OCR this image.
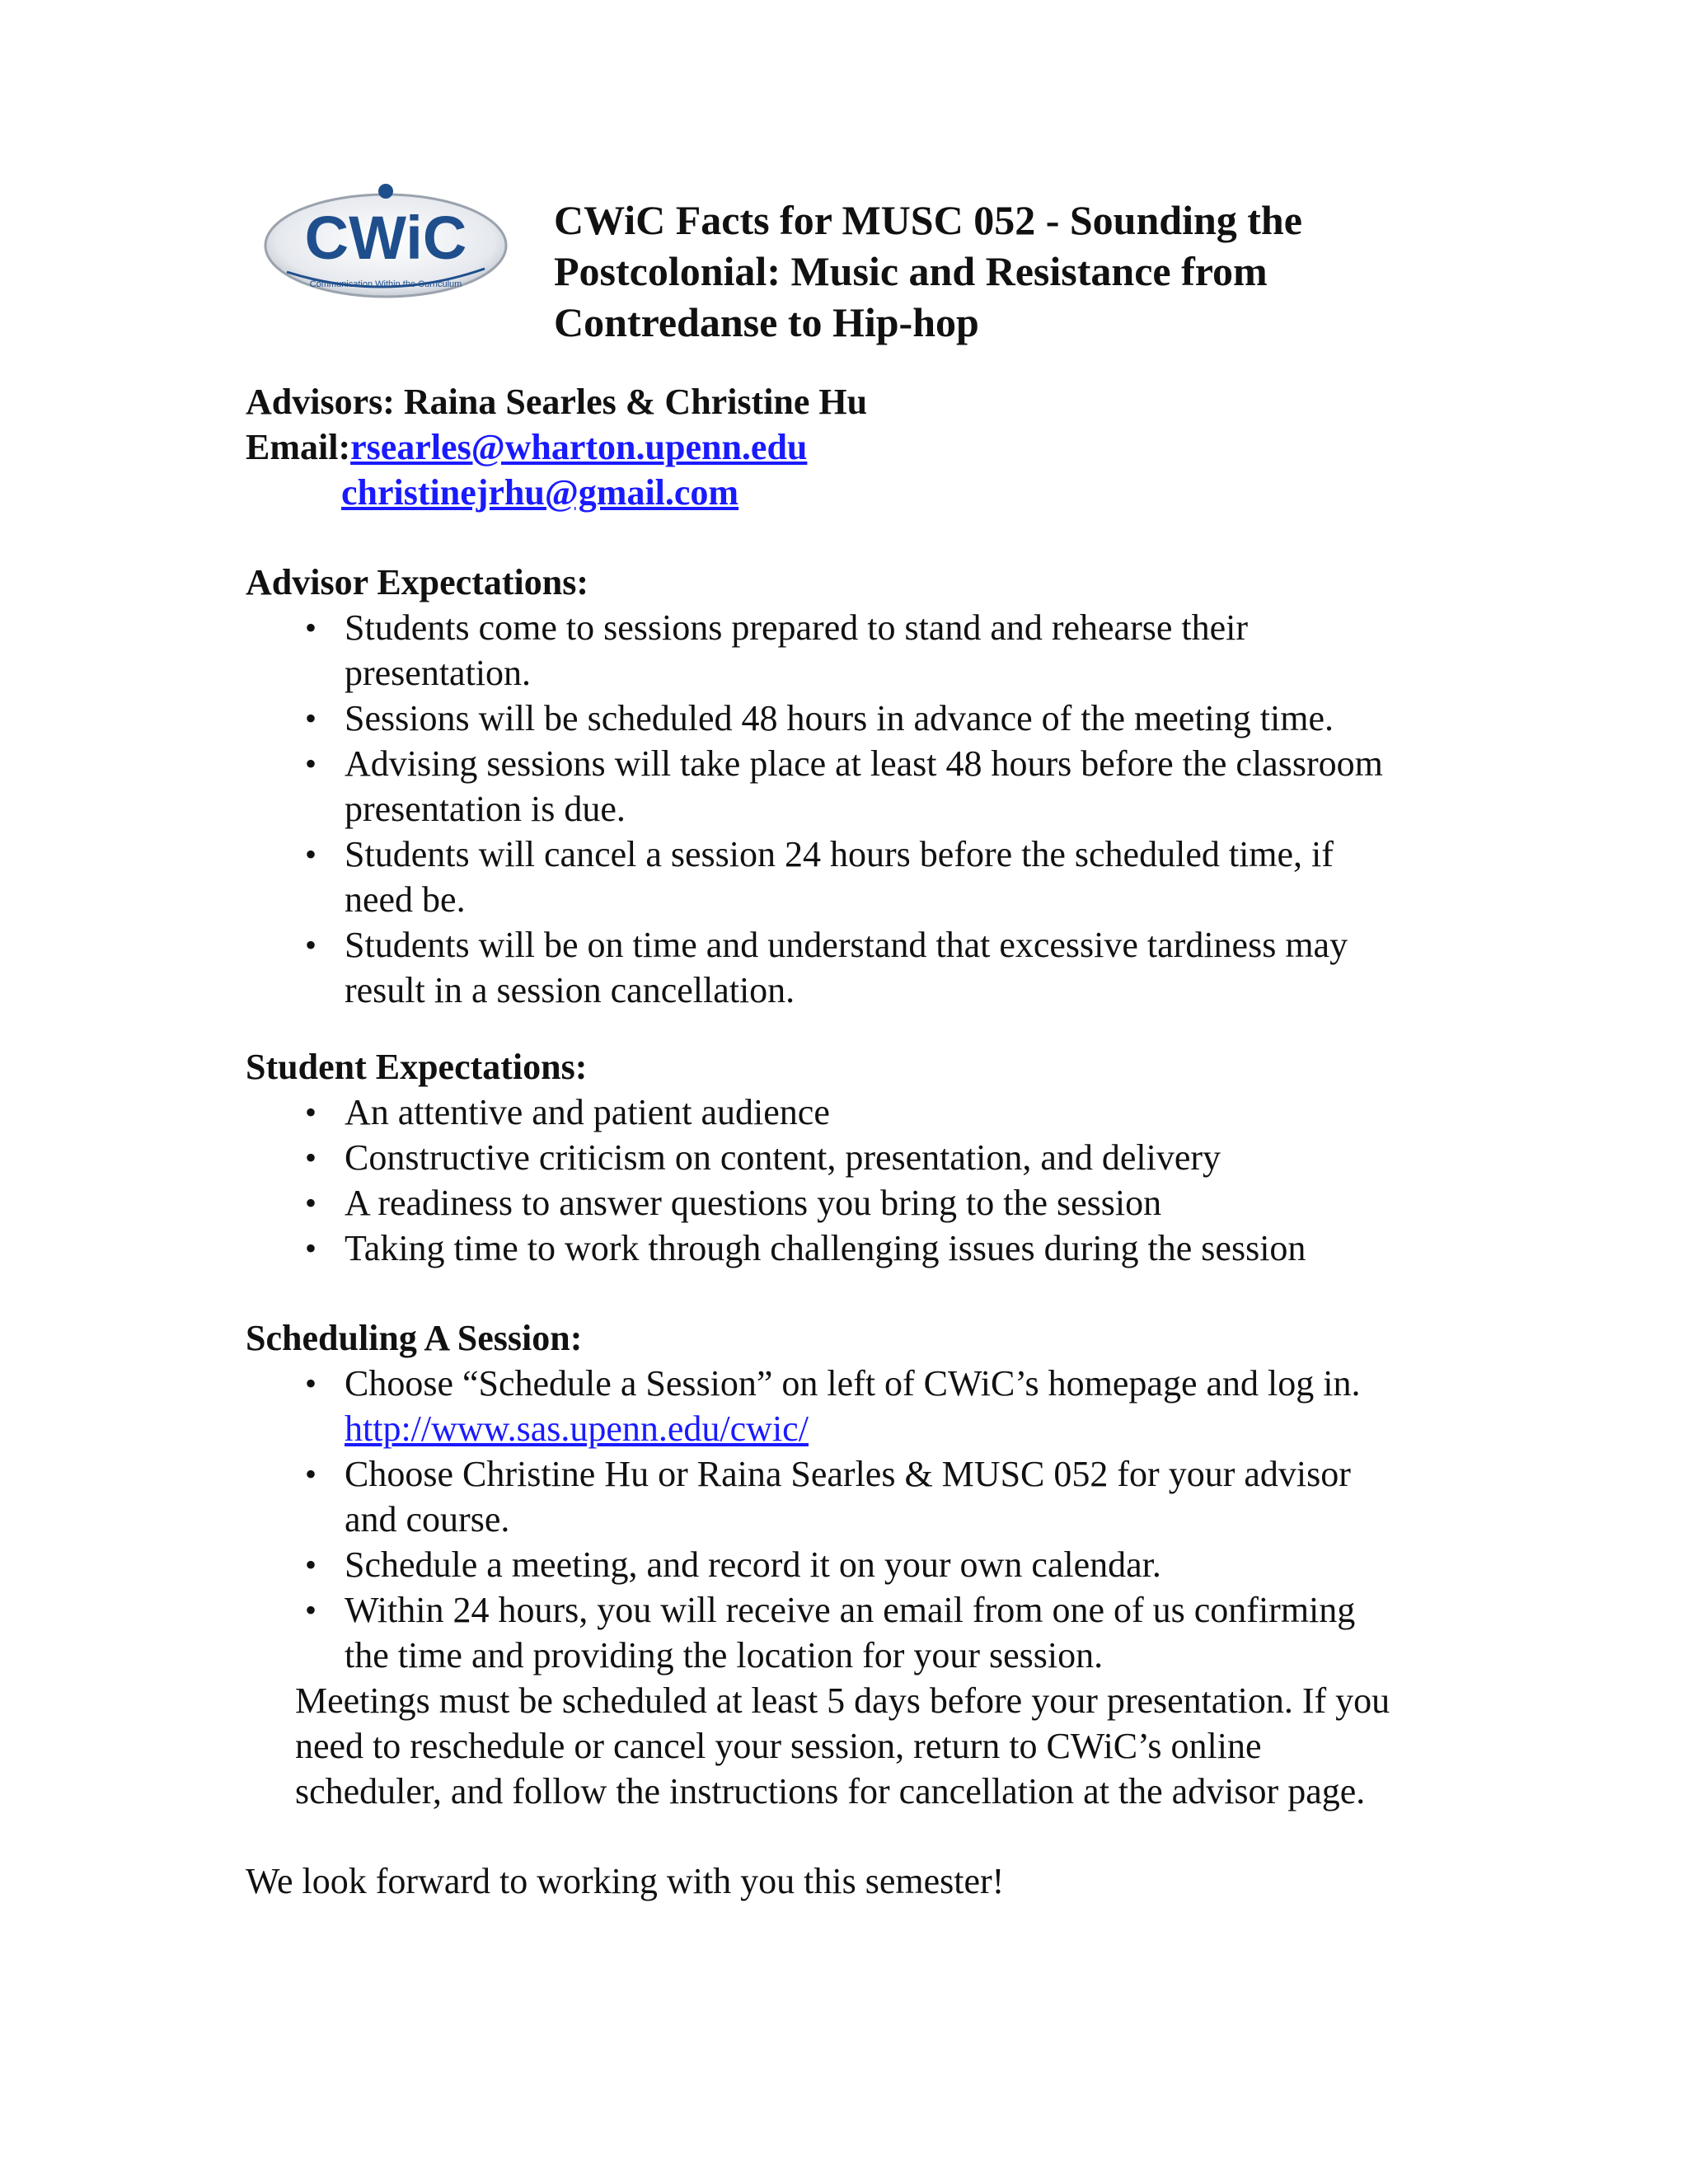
CWiC
Communication Within the Curriculum
CWiC Facts for MUSC 052 - Sounding the
Postcolonial: Music and Resistance from
Contredanse to Hip-hop

Advisors: Raina Searles & Christine Hu

Email:rsearles@wharton.upenn.edu

christinejrhu@gmail.com

Advisor Expectations:

• Students come to sessions prepared to stand and rehearse their
presentation.
• Sessions will be scheduled 48 hours in advance of the meeting time.
• Advising sessions will take place at least 48 hours before the classroom
presentation is due.
• Students will cancel a session 24 hours before the scheduled time, if
need be.
• Students will be on time and understand that excessive tardiness may
result in a session cancellation.

Student Expectations:

• An attentive and patient audience
• Constructive criticism on content, presentation, and delivery
• A readiness to answer questions you bring to the session
• Taking time to work through challenging issues during the session

Scheduling A Session:

• Choose “Schedule a Session” on left of CWiC’s homepage and log in.
http://www.sas.upenn.edu/cwic/
• Choose Christine Hu or Raina Searles & MUSC 052 for your advisor
and course.
• Schedule a meeting, and record it on your own calendar.
• Within 24 hours, you will receive an email from one of us confirming
the time and providing the location for your session.
Meetings must be scheduled at least 5 days before your presentation. If you
need to reschedule or cancel your session, return to CWiC’s online
scheduler, and follow the instructions for cancellation at the advisor page.

We look forward to working with you this semester!
